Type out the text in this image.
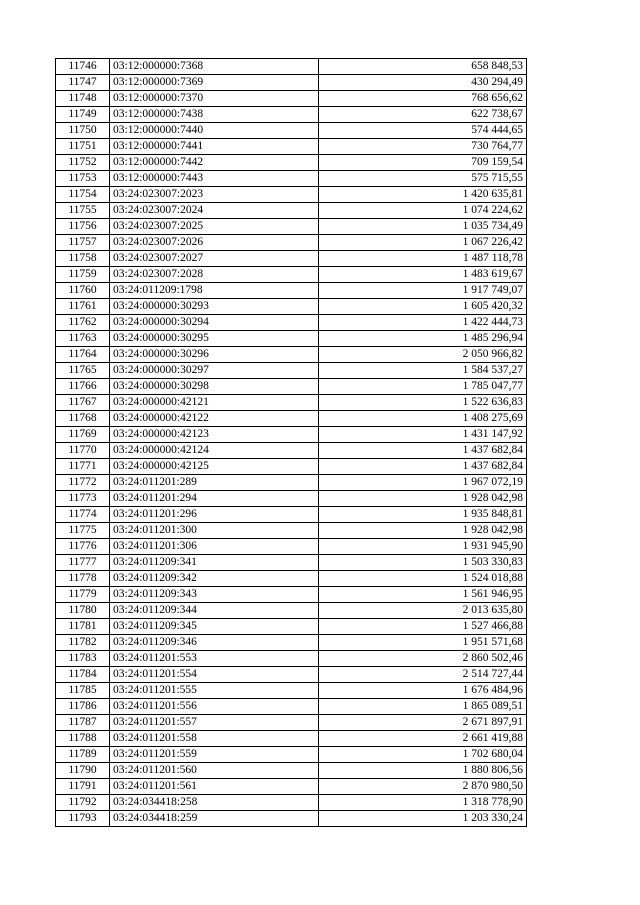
11746	03:12:000000:7368	658 848,53
11747	03:12:000000:7369	430 294,49
11748	03:12:000000:7370	768 656,62
11749	03:12:000000:7438	622 738,67
11750	03:12:000000:7440	574 444,65
11751	03:12:000000:7441	730 764,77
11752	03:12:000000:7442	709 159,54
11753	03:12:000000:7443	575 715,55
11754	03:24:023007:2023	1 420 635,81
11755	03:24:023007:2024	1 074 224,62
11756	03:24:023007:2025	1 035 734,49
11757	03:24:023007:2026	1 067 226,42
11758	03:24:023007:2027	1 487 118,78
11759	03:24:023007:2028	1 483 619,67
11760	03:24:011209:1798	1 917 749,07
11761	03:24:000000:30293	1 605 420,32
11762	03:24:000000:30294	1 422 444,73
11763	03:24:000000:30295	1 485 296,94
11764	03:24:000000:30296	2 050 966,82
11765	03:24:000000:30297	1 584 537,27
11766	03:24:000000:30298	1 785 047,77
11767	03:24:000000:42121	1 522 636,83
11768	03:24:000000:42122	1 408 275,69
11769	03:24:000000:42123	1 431 147,92
11770	03:24:000000:42124	1 437 682,84
11771	03:24:000000:42125	1 437 682,84
11772	03:24:011201:289	1 967 072,19
11773	03:24:011201:294	1 928 042,98
11774	03:24:011201:296	1 935 848,81
11775	03:24:011201:300	1 928 042,98
11776	03:24:011201:306	1 931 945,90
11777	03:24:011209:341	1 503 330,83
11778	03:24:011209:342	1 524 018,88
11779	03:24:011209:343	1 561 946,95
11780	03:24:011209:344	2 013 635,80
11781	03:24:011209:345	1 527 466,88
11782	03:24:011209:346	1 951 571,68
11783	03:24:011201:553	2 860 502,46
11784	03:24:011201:554	2 514 727,44
11785	03:24:011201:555	1 676 484,96
11786	03:24:011201:556	1 865 089,51
11787	03:24:011201:557	2 671 897,91
11788	03:24:011201:558	2 661 419,88
11789	03:24:011201:559	1 702 680,04
11790	03:24:011201:560	1 880 806,56
11791	03:24:011201:561	2 870 980,50
11792	03:24:034418:258	1 318 778,90
11793	03:24:034418:259	1 203 330,24
